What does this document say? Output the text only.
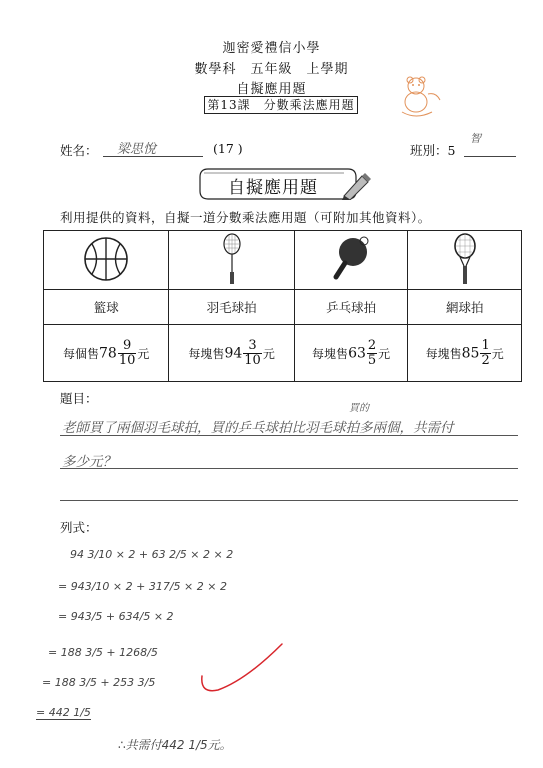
迦密愛禮信小學
數學科　五年級　上學期
自擬應用題
第13課　分數乘法應用題
姓名： 梁思悅	(17 )	班別：5
智
自擬應用題
利用提供的資料，自擬一道分數乘法應用題（可附加其他資料）。

籃球	羽毛球拍	乒乓球拍	網球拍
每個售$78 \frac{9}{10}$ 元	每塊售$94 \frac{3}{10}$ 元	每塊售$63 \frac{2}{5}$ 元	每塊售$85 \frac{1}{2}$ 元
題目：
買的
老師買了兩個羽毛球拍，買的乒乓球拍比羽毛球拍多兩個，共需付
多少元？
列式：
94 3/10 × 2 + 63 2/5 × 2 × 2
= 943/10 × 2 + 317/5 × 2 × 2
= 943/5 + 634/5 × 2
= 188 3/5 + 1268/5
= 188 3/5 + 253 3/5
= 442 1/5
∴共需付442 1/5元。
